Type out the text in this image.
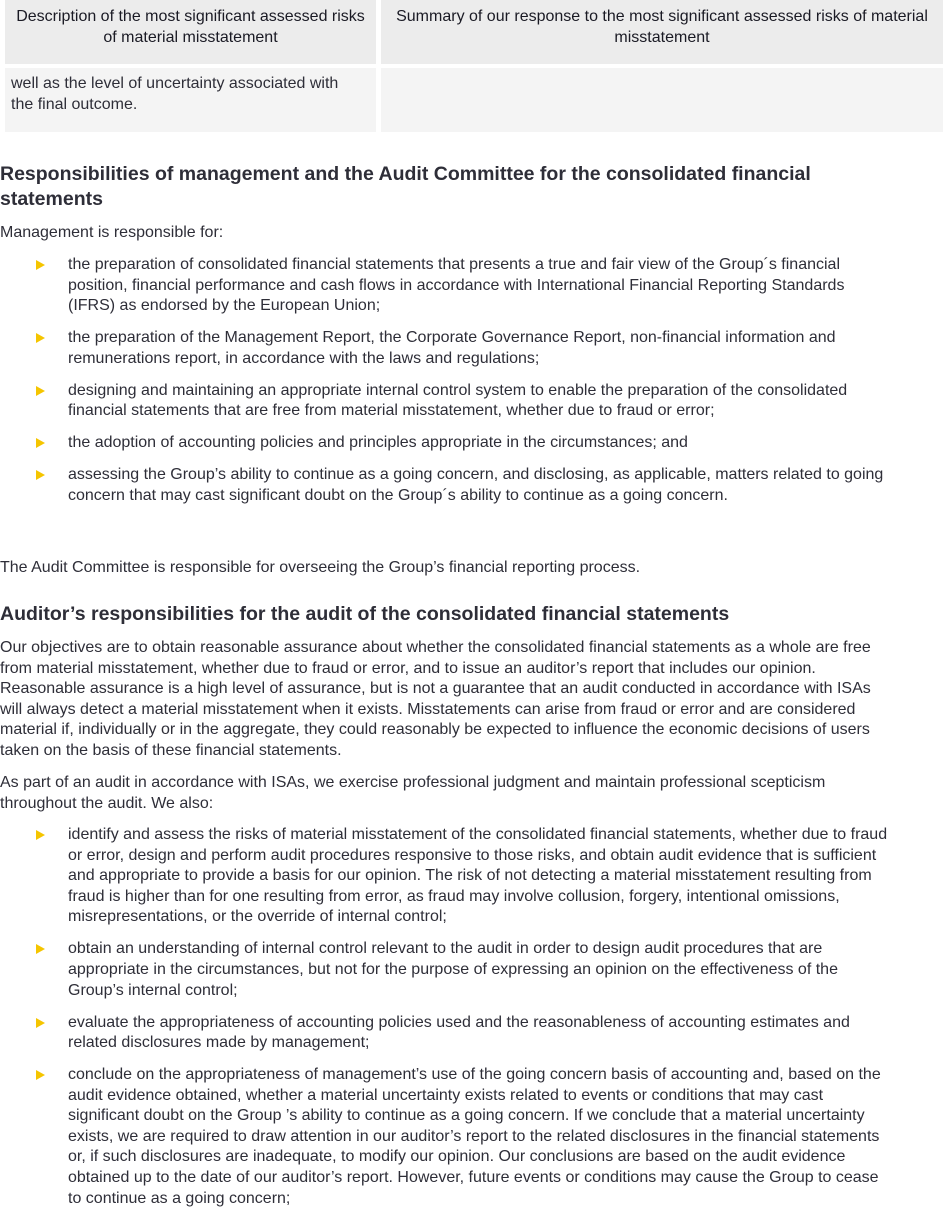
Description of the most significant assessed risks of material misstatement
Summary of our response to the most significant assessed risks of material misstatement
well as the level of uncertainty associated with the final outcome.
Responsibilities of management and the Audit Committee for the consolidated financial statements

Management is responsible for:

the preparation of consolidated financial statements that presents a true and fair view of the Group´s financial position, financial performance and cash flows in accordance with International Financial Reporting Standards (IFRS) as endorsed by the European Union;
the preparation of the Management Report, the Corporate Governance Report, non-financial information and remunerations report, in accordance with the laws and regulations;
designing and maintaining an appropriate internal control system to enable the preparation of the consolidated financial statements that are free from material misstatement, whether due to fraud or error;
the adoption of accounting policies and principles appropriate in the circumstances; and
assessing the Group’s ability to continue as a going concern, and disclosing, as applicable, matters related to going concern that may cast significant doubt on the Group´s ability to continue as a going concern.

The Audit Committee is responsible for overseeing the Group’s financial reporting process.

Auditor’s responsibilities for the audit of the consolidated financial statements

Our objectives are to obtain reasonable assurance about whether the consolidated financial statements as a whole are free from material misstatement, whether due to fraud or error, and to issue an auditor’s report that includes our opinion. Reasonable assurance is a high level of assurance, but is not a guarantee that an audit conducted in accordance with ISAs will always detect a material misstatement when it exists. Misstatements can arise from fraud or error and are considered material if, individually or in the aggregate, they could reasonably be expected to influence the economic decisions of users taken on the basis of these financial statements.

As part of an audit in accordance with ISAs, we exercise professional judgment and maintain professional scepticism throughout the audit. We also:

identify and assess the risks of material misstatement of the consolidated financial statements, whether due to fraud or error, design and perform audit procedures responsive to those risks, and obtain audit evidence that is sufficient and appropriate to provide a basis for our opinion. The risk of not detecting a material misstatement resulting from fraud is higher than for one resulting from error, as fraud may involve collusion, forgery, intentional omissions, misrepresentations, or the override of internal control;
obtain an understanding of internal control relevant to the audit in order to design audit procedures that are appropriate in the circumstances, but not for the purpose of expressing an opinion on the effectiveness of the Group’s internal control;
evaluate the appropriateness of accounting policies used and the reasonableness of accounting estimates and related disclosures made by management;
conclude on the appropriateness of management’s use of the going concern basis of accounting and, based on the audit evidence obtained, whether a material uncertainty exists related to events or conditions that may cast significant doubt on the Group ’s ability to continue as a going concern. If we conclude that a material uncertainty exists, we are required to draw attention in our auditor’s report to the related disclosures in the financial statements or, if such disclosures are inadequate, to modify our opinion. Our conclusions are based on the audit evidence obtained up to the date of our auditor’s report. However, future events or conditions may cause the Group to cease to continue as a going concern;
